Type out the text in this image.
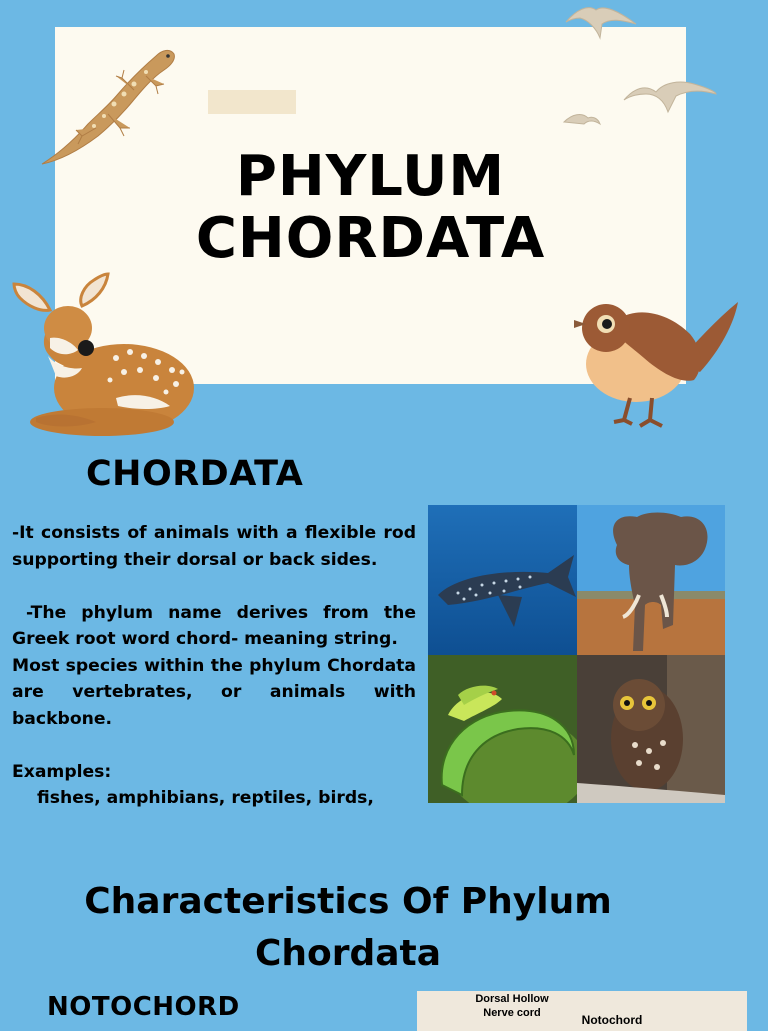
PHYLUM
CHORDATA
CHORDATA

-It consists of animals with a flexible rod supporting their dorsal or back sides.

-The phylum name derives from the Greek root word chord- meaning string.

Most species within the phylum Chordata are vertebrates, or animals with backbone.

Examples:

fishes, amphibians, reptiles, birds,

Characteristics Of Phylum
Chordata
NOTOCHORD	Dorsal Hollow
Nerve cord	Notochord
